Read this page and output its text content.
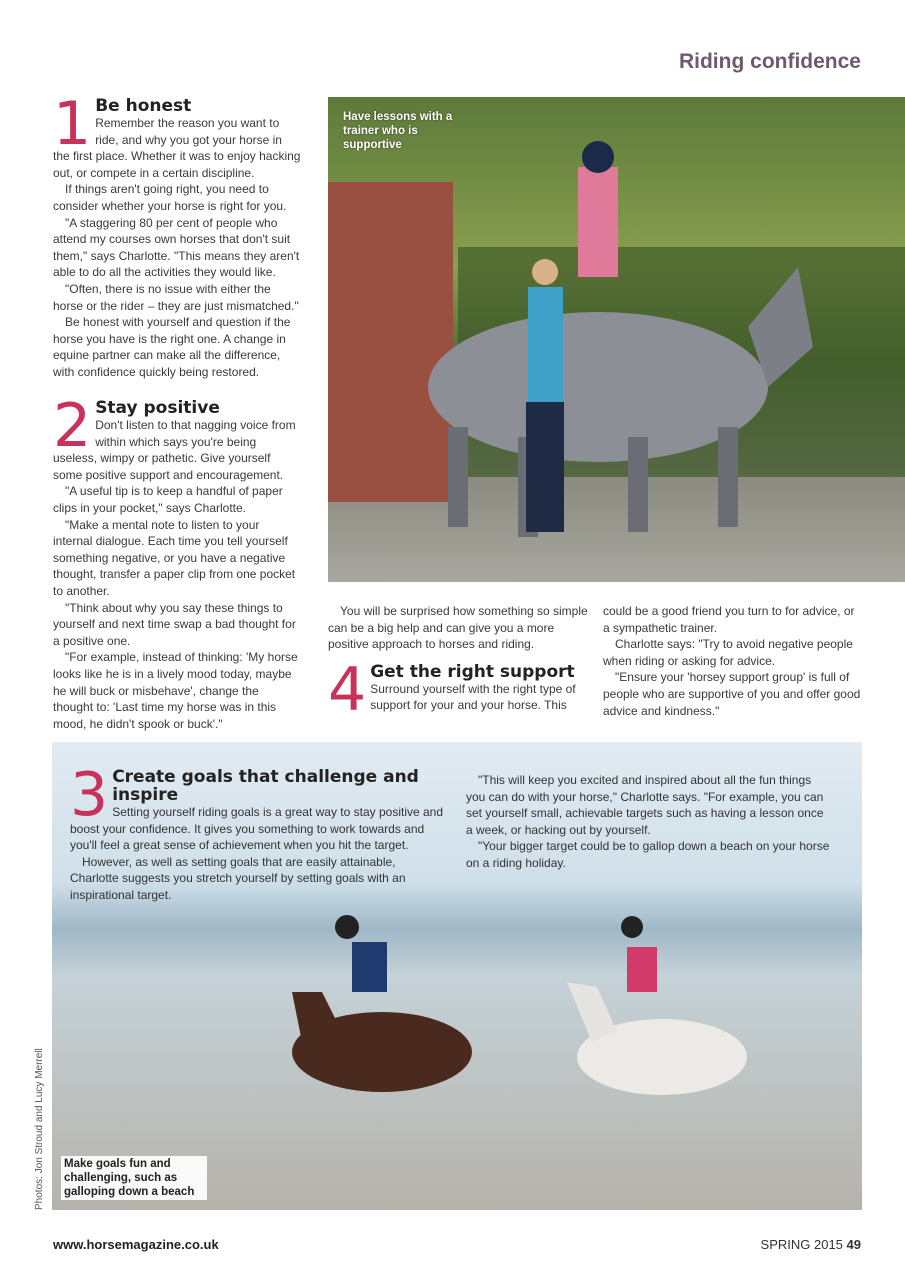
Riding confidence
1 Be honest

Remember the reason you want to ride, and why you got your horse in the first place. Whether it was to enjoy hacking out, or compete in a certain discipline.

If things aren't going right, you need to consider whether your horse is right for you.

"A staggering 80 per cent of people who attend my courses own horses that don't suit them," says Charlotte. "This means they aren't able to do all the activities they would like.

"Often, there is no issue with either the horse or the rider – they are just mismatched."

Be honest with yourself and question if the horse you have is the right one. A change in equine partner can make all the difference, with confidence quickly being restored.

2 Stay positive

Don't listen to that nagging voice from within which says you're being useless, wimpy or pathetic. Give yourself some positive support and encouragement.

"A useful tip is to keep a handful of paper clips in your pocket," says Charlotte.

"Make a mental note to listen to your internal dialogue. Each time you tell yourself something negative, or you have a negative thought, transfer a paper clip from one pocket to another.

"Think about why you say these things to yourself and next time swap a bad thought for a positive one.

"For example, instead of thinking: 'My horse looks like he is in a lively mood today, maybe he will buck or misbehave', change the thought to: 'Last time my horse was in this mood, he didn't spook or buck'."

Have lessons with a trainer who is supportive

You will be surprised how something so simple can be a big help and can give you a more positive approach to horses and riding.

4 Get the right support

Surround yourself with the right type of support for your and your horse. This could be a good friend you turn to for advice, or a sympathetic trainer.

Charlotte says: "Try to avoid negative people when riding or asking for advice.

"Ensure your 'horsey support group' is full of people who are supportive of you and offer good advice and kindness."

3 Create goals that challenge and inspire

Setting yourself riding goals is a great way to stay positive and boost your confidence. It gives you something to work towards and you'll feel a great sense of achievement when you hit the target.

However, as well as setting goals that are easily attainable, Charlotte suggests you stretch yourself by setting goals with an inspirational target.

"This will keep you excited and inspired about all the fun things you can do with your horse," Charlotte says. "For example, you can set yourself small, achievable targets such as having a lesson once a week, or hacking out by yourself.

"Your bigger target could be to gallop down a beach on your horse on a riding holiday.

Make goals fun and challenging, such as galloping down a beach
Photos: Jon Stroud and Lucy Merrell
www.horsemagazine.co.uk	SPRING 2015 49
